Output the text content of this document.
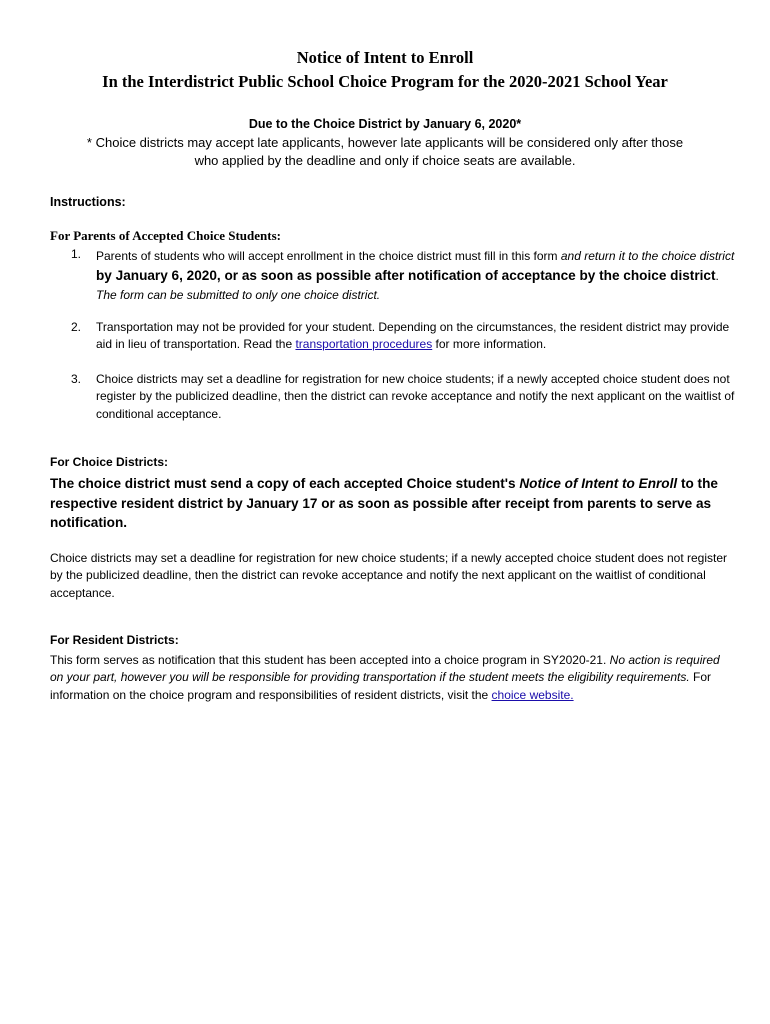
Notice of Intent to Enroll
In the Interdistrict Public School Choice Program for the 2020-2021 School Year
Due to the Choice District by January 6, 2020*
* Choice districts may accept late applicants, however late applicants will be considered only after those
who applied by the deadline and only if choice seats are available.
Instructions:
For Parents of Accepted Choice Students:
1. Parents of students who will accept enrollment in the choice district must fill in this form and return it to the choice district by January 6, 2020, or as soon as possible after notification of acceptance by the choice district. The form can be submitted to only one choice district.
2. Transportation may not be provided for your student. Depending on the circumstances, the resident district may provide aid in lieu of transportation. Read the transportation procedures for more information.
3. Choice districts may set a deadline for registration for new choice students; if a newly accepted choice student does not register by the publicized deadline, then the district can revoke acceptance and notify the next applicant on the waitlist of conditional acceptance.
For Choice Districts:
The choice district must send a copy of each accepted Choice student's Notice of Intent to Enroll to the respective resident district by January 17 or as soon as possible after receipt from parents to serve as notification.
Choice districts may set a deadline for registration for new choice students; if a newly accepted choice student does not register by the publicized deadline, then the district can revoke acceptance and notify the next applicant on the waitlist of conditional acceptance.
For Resident Districts:
This form serves as notification that this student has been accepted into a choice program in SY2020-21. No action is required on your part, however you will be responsible for providing transportation if the student meets the eligibility requirements. For information on the choice program and responsibilities of resident districts, visit the choice website.
